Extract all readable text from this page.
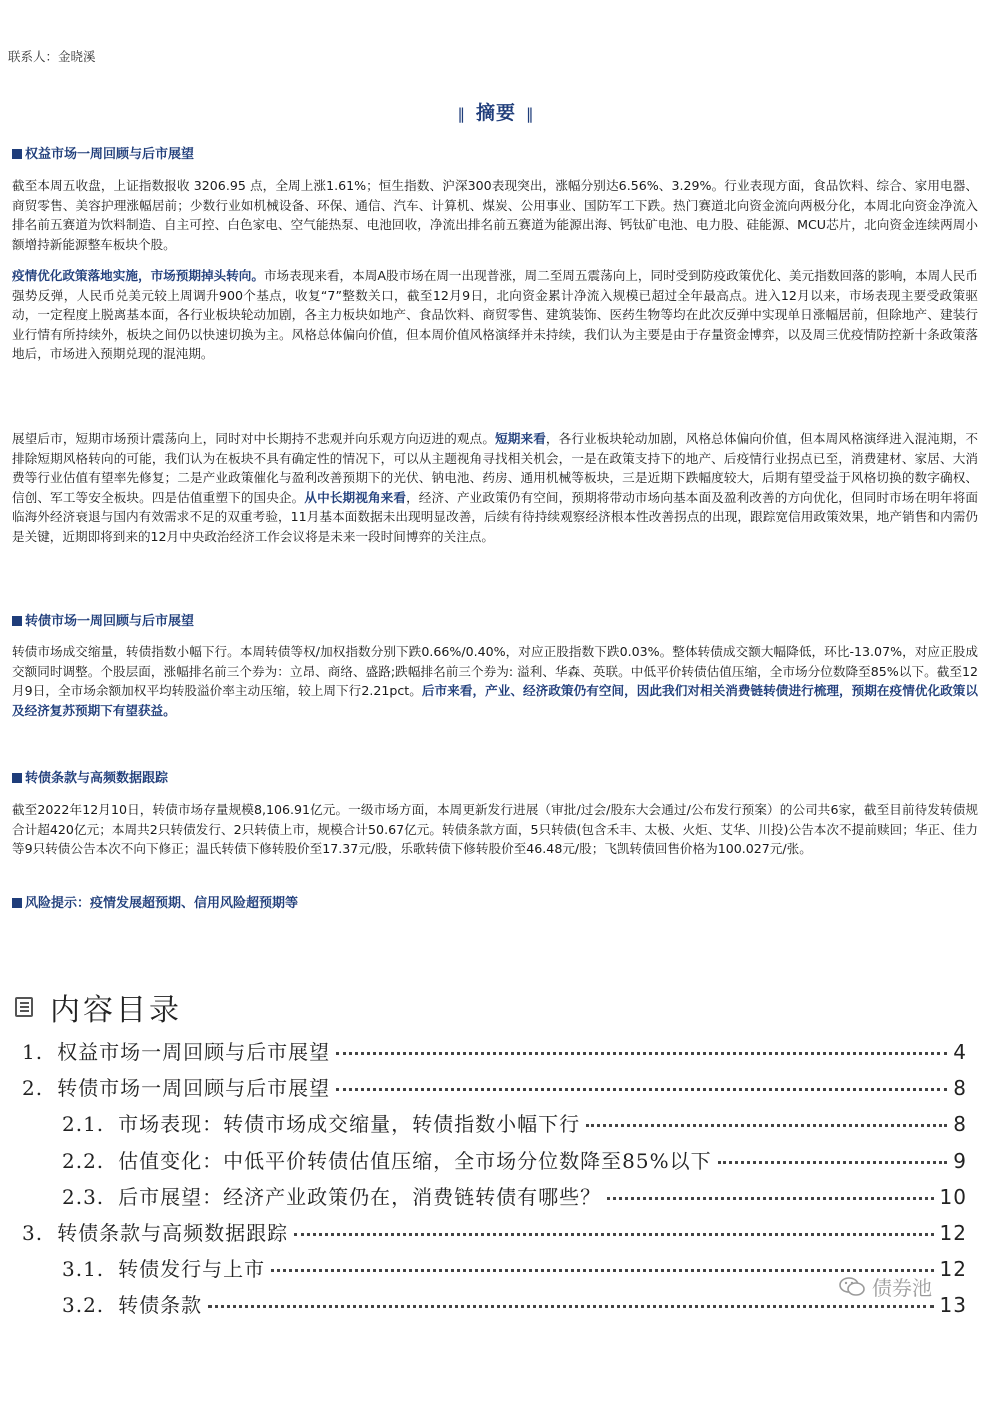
联系人：金晓溪
‖ 摘要 ‖
权益市场一周回顾与后市展望
截至本周五收盘，上证指数报收 3206.95 点，全周上涨1.61%；恒生指数、沪深300表现突出，涨幅分别达6.56%、3.29%。行业表现方面，食品饮料、综合、家用电器、商贸零售、美容护理涨幅居前；少数行业如机械设备、环保、通信、汽车、计算机、煤炭、公用事业、国防军工下跌。热门赛道北向资金流向两极分化，本周北向资金净流入排名前五赛道为饮料制造、自主可控、白色家电、空气能热泵、电池回收，净流出排名前五赛道为能源出海、钙钛矿电池、电力股、硅能源、MCU芯片，北向资金连续两周小额增持新能源整车板块个股。
疫情优化政策落地实施，市场预期掉头转向。市场表现来看，本周A股市场在周一出现普涨，周二至周五震荡向上，同时受到防疫政策优化、美元指数回落的影响，本周人民币强势反弹，人民币兑美元较上周调升900个基点，收复“7”整数关口，截至12月9日，北向资金累计净流入规模已超过全年最高点。进入12月以来，市场表现主要受政策驱动，一定程度上脱离基本面，各行业板块轮动加剧，各主力板块如地产、食品饮料、商贸零售、建筑装饰、医药生物等均在此次反弹中实现单日涨幅居前，但除地产、建装行业行情有所持续外，板块之间仍以快速切换为主。风格总体偏向价值，但本周价值风格演绎并未持续，我们认为主要是由于存量资金博弈，以及周三优疫情防控新十条政策落地后，市场进入预期兑现的混沌期。
展望后市，短期市场预计震荡向上，同时对中长期持不悲观并向乐观方向迈进的观点。短期来看，各行业板块轮动加剧，风格总体偏向价值，但本周风格演绎进入混沌期，不排除短期风格转向的可能，我们认为在板块不具有确定性的情况下，可以从主题视角寻找相关机会，一是在政策支持下的地产、后疫情行业拐点已至，消费建材、家居、大消费等行业估值有望率先修复；二是产业政策催化与盈利改善预期下的光伏、钠电池、药房、通用机械等板块，三是近期下跌幅度较大，后期有望受益于风格切换的数字确权、信创、军工等安全板块。四是估值重塑下的国央企。从中长期视角来看，经济、产业政策仍有空间，预期将带动市场向基本面及盈利改善的方向优化，但同时市场在明年将面临海外经济衰退与国内有效需求不足的双重考验，11月基本面数据未出现明显改善，后续有待持续观察经济根本性改善拐点的出现，跟踪宽信用政策效果，地产销售和内需仍是关键，近期即将到来的12月中央政治经济工作会议将是未来一段时间博弈的关注点。
转债市场一周回顾与后市展望
转债市场成交缩量，转债指数小幅下行。本周转债等权/加权指数分别下跌0.66%/0.40%，对应正股指数下跌0.03%。整体转债成交额大幅降低，环比-13.07%，对应正股成交额同时调整。个股层面，涨幅排名前三个券为：立昂、商络、盛路;跌幅排名前三个券为: 溢利、华森、英联。中低平价转债估值压缩，全市场分位数降至85%以下。截至12月9日，全市场余额加权平均转股溢价率主动压缩，较上周下行2.21pct。后市来看，产业、经济政策仍有空间，因此我们对相关消费链转债进行梳理，预期在疫情优化政策以及经济复苏预期下有望获益。
转债条款与高频数据跟踪
截至2022年12月10日，转债市场存量规模8,106.91亿元。一级市场方面，本周更新发行进展（审批/过会/股东大会通过/公布发行预案）的公司共6家，截至目前待发转债规合计超420亿元；本周共2只转债发行、2只转债上市，规模合计50.67亿元。转债条款方面，5只转债(包含禾丰、太极、火炬、艾华、川投)公告本次不提前赎回；华正、佳力等9只转债公告本次不向下修正；温氏转债下修转股价至17.37元/股，乐歌转债下修转股价至46.48元/股；飞凯转债回售价格为100.027元/张。
风险提示：疫情发展超预期、信用风险超预期等
内容目录
1. 权益市场一周回顾与后市展望	4
2. 转债市场一周回顾与后市展望	8
2.1. 市场表现：转债市场成交缩量，转债指数小幅下行	8
2.2. 估值变化：中低平价转债估值压缩，全市场分位数降至85%以下	9
2.3. 后市展望：经济产业政策仍在，消费链转债有哪些？	10
3. 转债条款与高频数据跟踪	12
3.1. 转债发行与上市	12
3.2. 转债条款	13
债券池
